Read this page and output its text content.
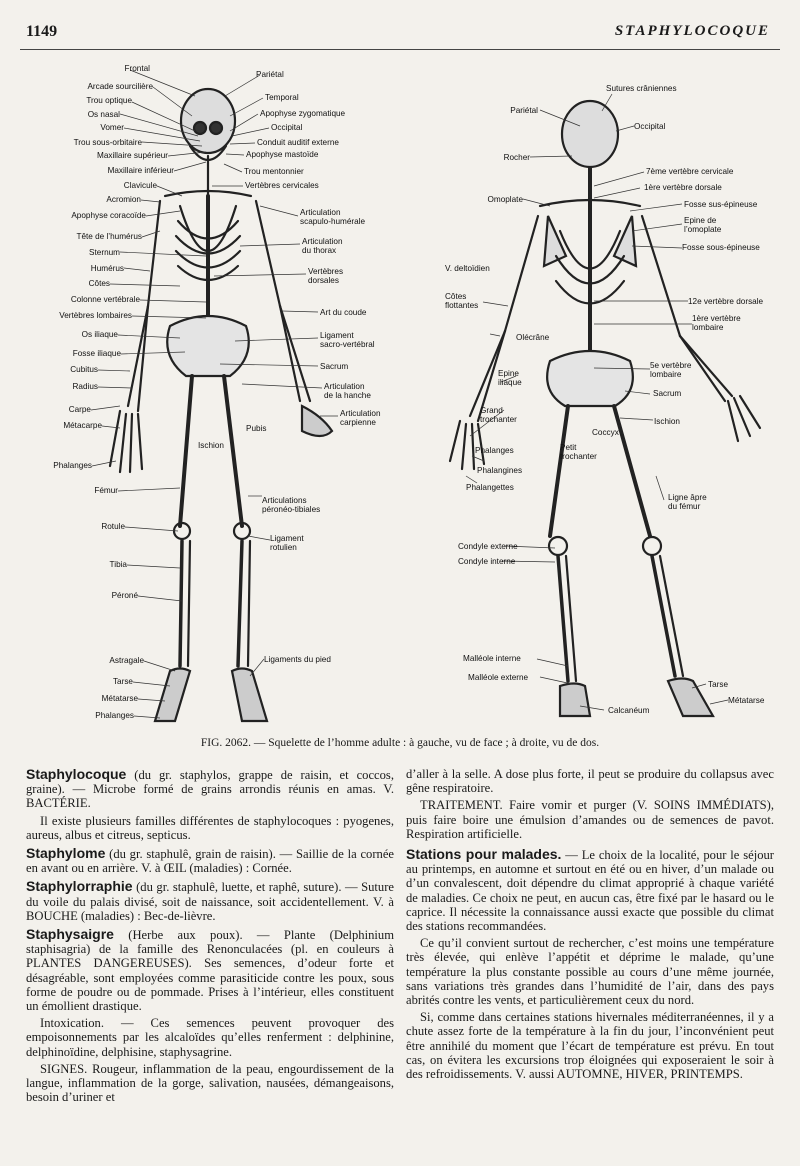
1149	STAPHYLOCOQUE
Frontal
Arcade sourcilière
Trou optique
Os nasal
Vomer
Trou sous-orbitaire
Maxillaire supérieur
Maxillaire inférieur
Clavicule
Acromion
Apophyse coracoïde
Tête de l’humérus
Sternum
Humérus
Côtes
Colonne vertébrale
Vertèbres lombaires
Os iliaque
Fosse iliaque
Cubitus
Radius
Carpe
Métacarpe
Phalanges
Fémur
Rotule
Tibia
Péroné
Astragale
Tarse
Métatarse
Phalanges
Pariétal
Temporal
Apophyse zygomatique
Occipital
Conduit auditif externe
Apophyse mastoïde
Trou mentonnier
Vertèbres cervicales
Articulation
scapulo-humérale
Articulation
du thorax
Vertèbres
dorsales
Art du coude
Ligament
sacro-vertébral
Sacrum
Articulation
de la hanche
Articulation
carpienne
Pubis
Ischion
Articulations
péronéo-tibiales
Ligament
rotulien
Ligaments du pied
Pariétal
Rocher
Omoplate
V. deltoïdien
Côtes
flottantes
Olécrâne
Epine
iliaque
Grand
trochanter
Phalanges
Phalangines
Phalangettes
Condyle externe
Condyle interne
Malléole interne
Malléole externe
Sutures crâniennes
Occipital
7ème vertèbre cervicale
1ère vertèbre dorsale
Fosse sus-épineuse
Epine de
l’omoplate
Fosse sous-épineuse
12e vertèbre dorsale
1ère vertèbre
lombaire
5e vertèbre
lombaire
Sacrum
Ischion
Coccyx
Petit
trochanter
Ligne âpre
du fémur
Calcanéum
Tarse
Métatarse
FIG. 2062. — Squelette de l’homme adulte : à gauche, vu de face ; à droite, vu de dos.

Staphylocoque (du gr. staphylos, grappe de raisin, et coccos, graine). — Microbe formé de grains arrondis réunis en amas. V. BACTÉRIE.

Il existe plusieurs familles différentes de staphylocoques : pyogenes, aureus, albus et citreus, septicus.

Staphylome (du gr. staphulê, grain de raisin). — Saillie de la cornée en avant ou en arrière. V. à ŒIL (maladies) : Cornée.

Staphylorraphie (du gr. staphulê, luette, et raphê, suture). — Suture du voile du palais divisé, soit de naissance, soit accidentellement. V. à BOUCHE (maladies) : Bec-de-lièvre.

Staphysaigre (Herbe aux poux). — Plante (Delphinium staphisagria) de la famille des Renonculacées (pl. en couleurs à PLANTES DANGEREUSES). Ses semences, d’odeur forte et désagréable, sont employées comme parasiticide contre les poux, sous forme de poudre ou de pommade. Prises à l’intérieur, elles constituent un émollient drastique.

Intoxication. — Ces semences peuvent provoquer des empoisonnements par les alcaloïdes qu’elles renferment : delphinine, delphinoïdine, delphisine, staphysagrine.

SIGNES. Rougeur, inflammation de la peau, engourdissement de la langue, inflammation de la gorge, salivation, nausées, démangeaisons, besoin d’uriner et

d’aller à la selle. A dose plus forte, il peut se produire du collapsus avec gêne respiratoire.

TRAITEMENT. Faire vomir et purger (V. SOINS IMMÉDIATS), puis faire boire une émulsion d’amandes ou de semences de pavot. Respiration artificielle.

Stations pour malades. — Le choix de la localité, pour le séjour au printemps, en automne et surtout en été ou en hiver, d’un malade ou d’un convalescent, doit dépendre du climat approprié à chaque variété de maladies. Ce choix ne peut, en aucun cas, être fixé par le hasard ou le caprice. Il nécessite la connaissance aussi exacte que possible du climat des stations recommandées.

Ce qu’il convient surtout de rechercher, c’est moins une température très élevée, qui enlève l’appétit et déprime le malade, qu’une température la plus constante possible au cours d’une même journée, sans variations très grandes dans l’humidité de l’air, dans des pays abrités contre les vents, et particulièrement ceux du nord.

Si, comme dans certaines stations hivernales méditerranéennes, il y a chute assez forte de la température à la fin du jour, l’inconvénient peut être annihilé du moment que l’écart de température est prévu. En tout cas, on évitera les excursions trop éloignées qui exposeraient le soir à des refroidissements. V. aussi AUTOMNE, HIVER, PRINTEMPS.
